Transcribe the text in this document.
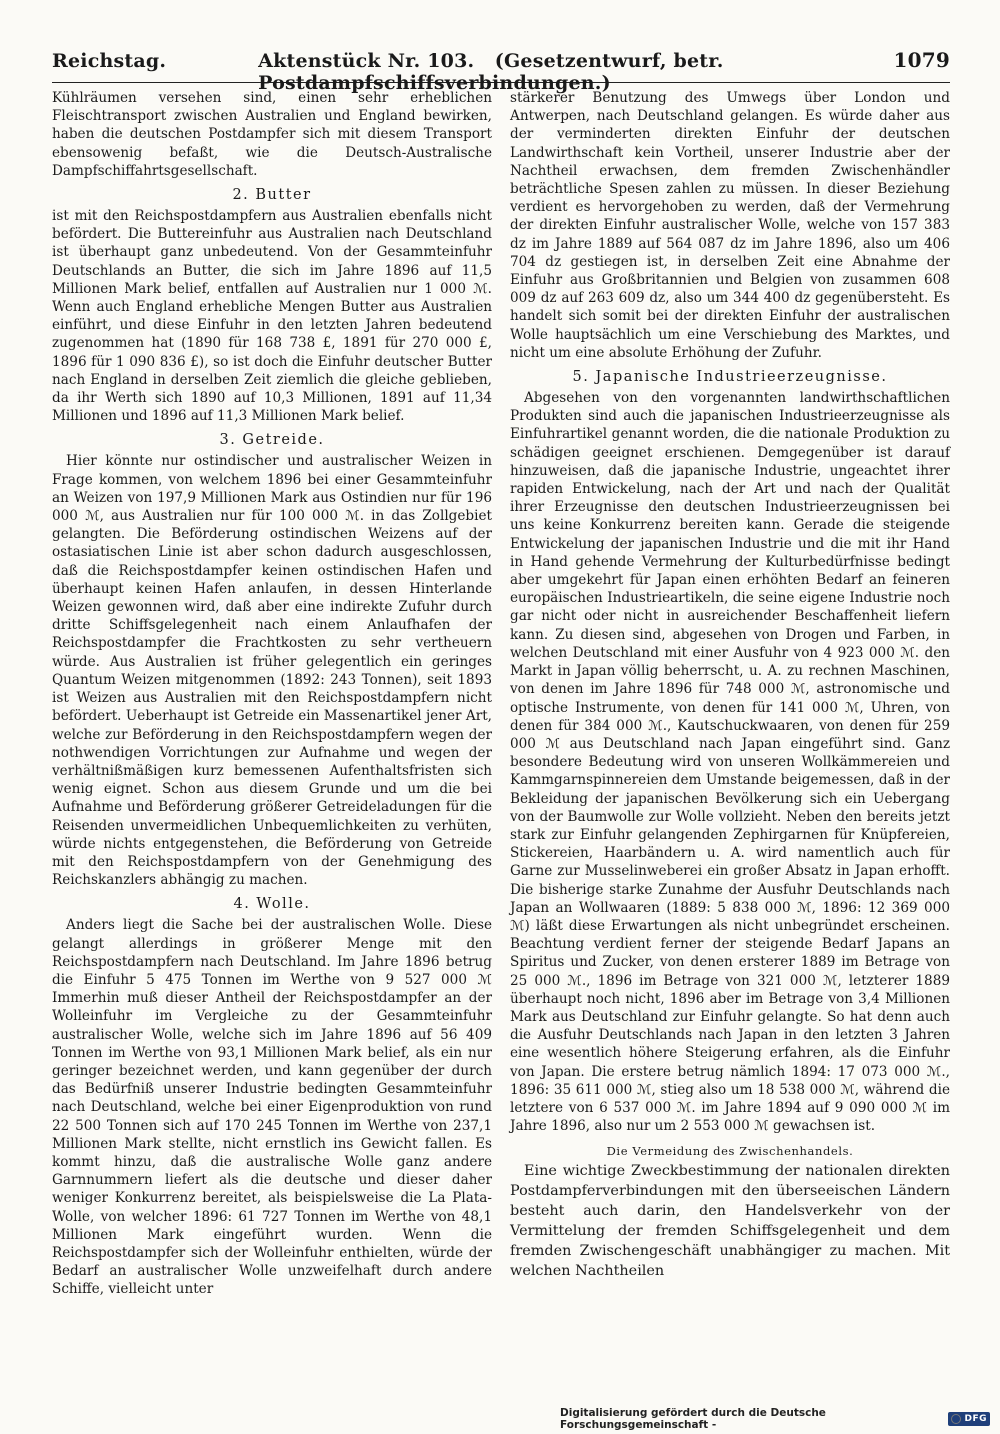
Reichstag.	Aktenstück Nr. 103. (Gesetzentwurf, betr. Postdampfschiffsverbindungen.)
1079

Kühlräumen versehen sind, einen sehr erheblichen Fleischtransport zwischen Australien und England bewirken, haben die deutschen Postdampfer sich mit diesem Transport ebensowenig befaßt, wie die Deutsch-Australische Dampfschiffahrtsgesellschaft.

2. Butter

ist mit den Reichspostdampfern aus Australien ebenfalls nicht befördert. Die Buttereinfuhr aus Australien nach Deutschland ist überhaupt ganz unbedeutend. Von der Gesammteinfuhr Deutschlands an Butter, die sich im Jahre 1896 auf 11,5 Millionen Mark belief, entfallen auf Australien nur 1 000 ℳ. Wenn auch England erhebliche Mengen Butter aus Australien einführt, und diese Einfuhr in den letzten Jahren bedeutend zugenommen hat (1890 für 168 738 £, 1891 für 270 000 £, 1896 für 1 090 836 £), so ist doch die Einfuhr deutscher Butter nach England in derselben Zeit ziemlich die gleiche geblieben, da ihr Werth sich 1890 auf 10,3 Millionen, 1891 auf 11,34 Millionen und 1896 auf 11,3 Millionen Mark belief.

3. Getreide.

Hier könnte nur ostindischer und australischer Weizen in Frage kommen, von welchem 1896 bei einer Gesammteinfuhr an Weizen von 197,9 Millionen Mark aus Ostindien nur für 196 000 ℳ, aus Australien nur für 100 000 ℳ. in das Zollgebiet gelangten. Die Beförderung ostindischen Weizens auf der ostasiatischen Linie ist aber schon dadurch ausgeschlossen, daß die Reichspostdampfer keinen ostindischen Hafen und überhaupt keinen Hafen anlaufen, in dessen Hinterlande Weizen gewonnen wird, daß aber eine indirekte Zufuhr durch dritte Schiffsgelegenheit nach einem Anlaufhafen der Reichspostdampfer die Frachtkosten zu sehr vertheuern würde. Aus Australien ist früher gelegentlich ein geringes Quantum Weizen mitgenommen (1892: 243 Tonnen), seit 1893 ist Weizen aus Australien mit den Reichspostdampfern nicht befördert. Ueberhaupt ist Getreide ein Massenartikel jener Art, welche zur Beförderung in den Reichspostdampfern wegen der nothwendigen Vorrichtungen zur Aufnahme und wegen der verhältnißmäßigen kurz bemessenen Aufenthaltsfristen sich wenig eignet. Schon aus diesem Grunde und um die bei Aufnahme und Beförderung größerer Getreideladungen für die Reisenden unvermeidlichen Unbequemlichkeiten zu verhüten, würde nichts entgegenstehen, die Beförderung von Getreide mit den Reichspostdampfern von der Genehmigung des Reichskanzlers abhängig zu machen.

4. Wolle.

Anders liegt die Sache bei der australischen Wolle. Diese gelangt allerdings in größerer Menge mit den Reichspostdampfern nach Deutschland. Im Jahre 1896 betrug die Einfuhr 5 475 Tonnen im Werthe von 9 527 000 ℳ Immerhin muß dieser Antheil der Reichspostdampfer an der Wolleinfuhr im Vergleiche zu der Gesammteinfuhr australischer Wolle, welche sich im Jahre 1896 auf 56 409 Tonnen im Werthe von 93,1 Millionen Mark belief, als ein nur geringer bezeichnet werden, und kann gegenüber der durch das Bedürfniß unserer Industrie bedingten Gesammteinfuhr nach Deutschland, welche bei einer Eigenproduktion von rund 22 500 Tonnen sich auf 170 245 Tonnen im Werthe von 237,1 Millionen Mark stellte, nicht ernstlich ins Gewicht fallen. Es kommt hinzu, daß die australische Wolle ganz andere Garnnummern liefert als die deutsche und dieser daher weniger Konkurrenz bereitet, als beispielsweise die La Plata-Wolle, von welcher 1896: 61 727 Tonnen im Werthe von 48,1 Millionen Mark eingeführt wurden. Wenn die Reichspostdampfer sich der Wolleinfuhr enthielten, würde der Bedarf an australischer Wolle unzweifelhaft durch andere Schiffe, vielleicht unter

stärkerer Benutzung des Umwegs über London und Antwerpen, nach Deutschland gelangen. Es würde daher aus der verminderten direkten Einfuhr der deutschen Landwirthschaft kein Vortheil, unserer Industrie aber der Nachtheil erwachsen, dem fremden Zwischenhändler beträchtliche Spesen zahlen zu müssen. In dieser Beziehung verdient es hervorgehoben zu werden, daß der Vermehrung der direkten Einfuhr australischer Wolle, welche von 157 383 dz im Jahre 1889 auf 564 087 dz im Jahre 1896, also um 406 704 dz gestiegen ist, in derselben Zeit eine Abnahme der Einfuhr aus Großbritannien und Belgien von zusammen 608 009 dz auf 263 609 dz, also um 344 400 dz gegenübersteht. Es handelt sich somit bei der direkten Einfuhr der australischen Wolle hauptsächlich um eine Verschiebung des Marktes, und nicht um eine absolute Erhöhung der Zufuhr.

5. Japanische Industrieerzeugnisse.

Abgesehen von den vorgenannten landwirthschaftlichen Produkten sind auch die japanischen Industrieerzeugnisse als Einfuhrartikel genannt worden, die die nationale Produktion zu schädigen geeignet erschienen. Demgegenüber ist darauf hinzuweisen, daß die japanische Industrie, ungeachtet ihrer rapiden Entwickelung, nach der Art und nach der Qualität ihrer Erzeugnisse den deutschen Industrieerzeugnissen bei uns keine Konkurrenz bereiten kann. Gerade die steigende Entwickelung der japanischen Industrie und die mit ihr Hand in Hand gehende Vermehrung der Kulturbedürfnisse bedingt aber umgekehrt für Japan einen erhöhten Bedarf an feineren europäischen Industrieartikeln, die seine eigene Industrie noch gar nicht oder nicht in ausreichender Beschaffenheit liefern kann. Zu diesen sind, abgesehen von Drogen und Farben, in welchen Deutschland mit einer Ausfuhr von 4 923 000 ℳ. den Markt in Japan völlig beherrscht, u. A. zu rechnen Maschinen, von denen im Jahre 1896 für 748 000 ℳ, astronomische und optische Instrumente, von denen für 141 000 ℳ, Uhren, von denen für 384 000 ℳ., Kautschuckwaaren, von denen für 259 000 ℳ aus Deutschland nach Japan eingeführt sind. Ganz besondere Bedeutung wird von unseren Wollkämmereien und Kammgarnspinnereien dem Umstande beigemessen, daß in der Bekleidung der japanischen Bevölkerung sich ein Uebergang von der Baumwolle zur Wolle vollzieht. Neben den bereits jetzt stark zur Einfuhr gelangenden Zephirgarnen für Knüpfereien, Stickereien, Haarbändern u. A. wird namentlich auch für Garne zur Musselinweberei ein großer Absatz in Japan erhofft. Die bisherige starke Zunahme der Ausfuhr Deutschlands nach Japan an Wollwaaren (1889: 5 838 000 ℳ, 1896: 12 369 000 ℳ) läßt diese Erwartungen als nicht unbegründet erscheinen. Beachtung verdient ferner der steigende Bedarf Japans an Spiritus und Zucker, von denen ersterer 1889 im Betrage von 25 000 ℳ., 1896 im Betrage von 321 000 ℳ, letzterer 1889 überhaupt noch nicht, 1896 aber im Betrage von 3,4 Millionen Mark aus Deutschland zur Einfuhr gelangte. So hat denn auch die Ausfuhr Deutschlands nach Japan in den letzten 3 Jahren eine wesentlich höhere Steigerung erfahren, als die Einfuhr von Japan. Die erstere betrug nämlich 1894: 17 073 000 ℳ., 1896: 35 611 000 ℳ, stieg also um 18 538 000 ℳ, während die letztere von 6 537 000 ℳ. im Jahre 1894 auf 9 090 000 ℳ im Jahre 1896, also nur um 2 553 000 ℳ gewachsen ist.

Die Vermeidung des Zwischenhandels.

Eine wichtige Zweckbestimmung der nationalen direkten Postdampferverbindungen mit den überseeischen Ländern besteht auch darin, den Handelsverkehr von der Vermittelung der fremden Schiffsgelegenheit und dem fremden Zwischengeschäft unabhängiger zu machen. Mit welchen Nachtheilen

Digitalisierung gefördert durch die Deutsche Forschungsgemeinschaft -
	DFG
